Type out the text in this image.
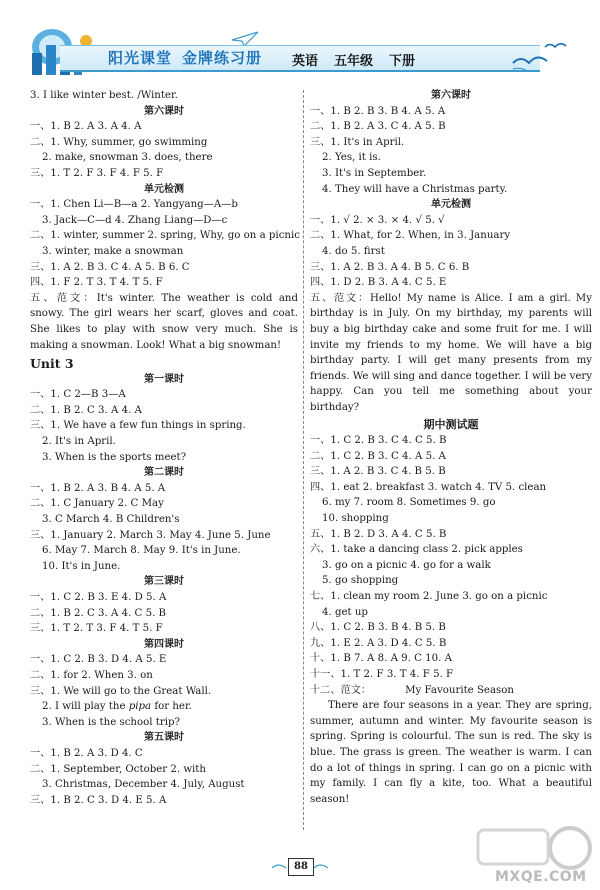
阳光课堂 金牌练习册	英语 五年级 下册
3. I like winter best. /Winter.
第六课时
一、1. B 2. A 3. A 4. A
二、1. Why, summer, go swimming
2. make, snowman 3. does, there
三、1. T 2. F 3. F 4. F 5. F
单元检测
一、1. Chen Li—B—a 2. Yangyang—A—b
3. Jack—C—d 4. Zhang Liang—D—c
二、1. winter, summer 2. spring, Why, go on a picnic
3. winter, make a snowman
三、1. A 2. B 3. C 4. A 5. B 6. C
四、1. F 2. T 3. T 4. T 5. F
五、范文：It's winter. The weather is cold and snowy. The girl wears her scarf, gloves and coat. She likes to play with snow very much. She is making a snowman. Look! What a big snowman!
Unit 3
第一课时
一、1. C 2—B 3—A
二、1. B 2. C 3. A 4. A
三、1. We have a few fun things in spring.
2. It's in April.
3. When is the sports meet?
第二课时
一、1. B 2. A 3. B 4. A 5. A
二、1. C January 2. C May
3. C March 4. B Children's
三、1. January 2. March 3. May 4. June 5. June
6. May 7. March 8. May 9. It's in June.
10. It's in June.
第三课时
一、1. C 2. B 3. E 4. D 5. A
二、1. B 2. C 3. A 4. C 5. B
三、1. T 2. T 3. F 4. T 5. F
第四课时
一、1. C 2. B 3. D 4. A 5. E
二、1. for 2. When 3. on
三、1. We will go to the Great Wall.
2. I will play the pipa for her.
3. When is the school trip?
第五课时
一、1. B 2. A 3. D 4. C
二、1. September, October 2. with
3. Christmas, December 4. July, August
三、1. B 2. C 3. D 4. E 5. A
第六课时
一、1. B 2. B 3. B 4. A 5. A
二、1. B 2. A 3. C 4. A 5. B
三、1. It's in April.
2. Yes, it is.
3. It's in September.
4. They will have a Christmas party.
单元检测
一、1. √ 2. × 3. × 4. √ 5. √
二、1. What, for 2. When, in 3. January
4. do 5. first
三、1. A 2. B 3. A 4. B 5. C 6. B
四、1. D 2. B 3. A 4. C 5. E
五、范文：Hello! My name is Alice. I am a girl. My birthday is in July. On my birthday, my parents will buy a big birthday cake and some fruit for me. I will invite my friends to my home. We will have a big birthday party. I will get many presents from my friends. We will sing and dance together. I will be very happy. Can you tell me something about your birthday?
期中测试题
一、1. C 2. B 3. C 4. C 5. B
二、1. C 2. B 3. C 4. A 5. A
三、1. A 2. B 3. C 4. B 5. B
四、1. eat 2. breakfast 3. watch 4. TV 5. clean
6. my 7. room 8. Sometimes 9. go
10. shopping
五、1. B 2. D 3. A 4. C 5. B
六、1. take a dancing class 2. pick apples
3. go on a picnic 4. go for a walk
5. go shopping
七、1. clean my room 2. June 3. go on a picnic
4. get up
八、1. C 2. B 3. B 4. B 5. B
九、1. E 2. A 3. D 4. C 5. B
十、1. B 7. A 8. A 9. C 10. A
十一、1. T 2. F 3. T 4. F 5. F
十二、范文：	My Favourite Season
There are four seasons in a year. They are spring, summer, autumn and winter. My favourite season is spring. Spring is colourful. The sun is red. The sky is blue. The grass is green. The weather is warm. I can do a lot of things in spring. I can go on a picnic with my family. I can fly a kite, too. What a beautiful season!
88
MXQE.COM
